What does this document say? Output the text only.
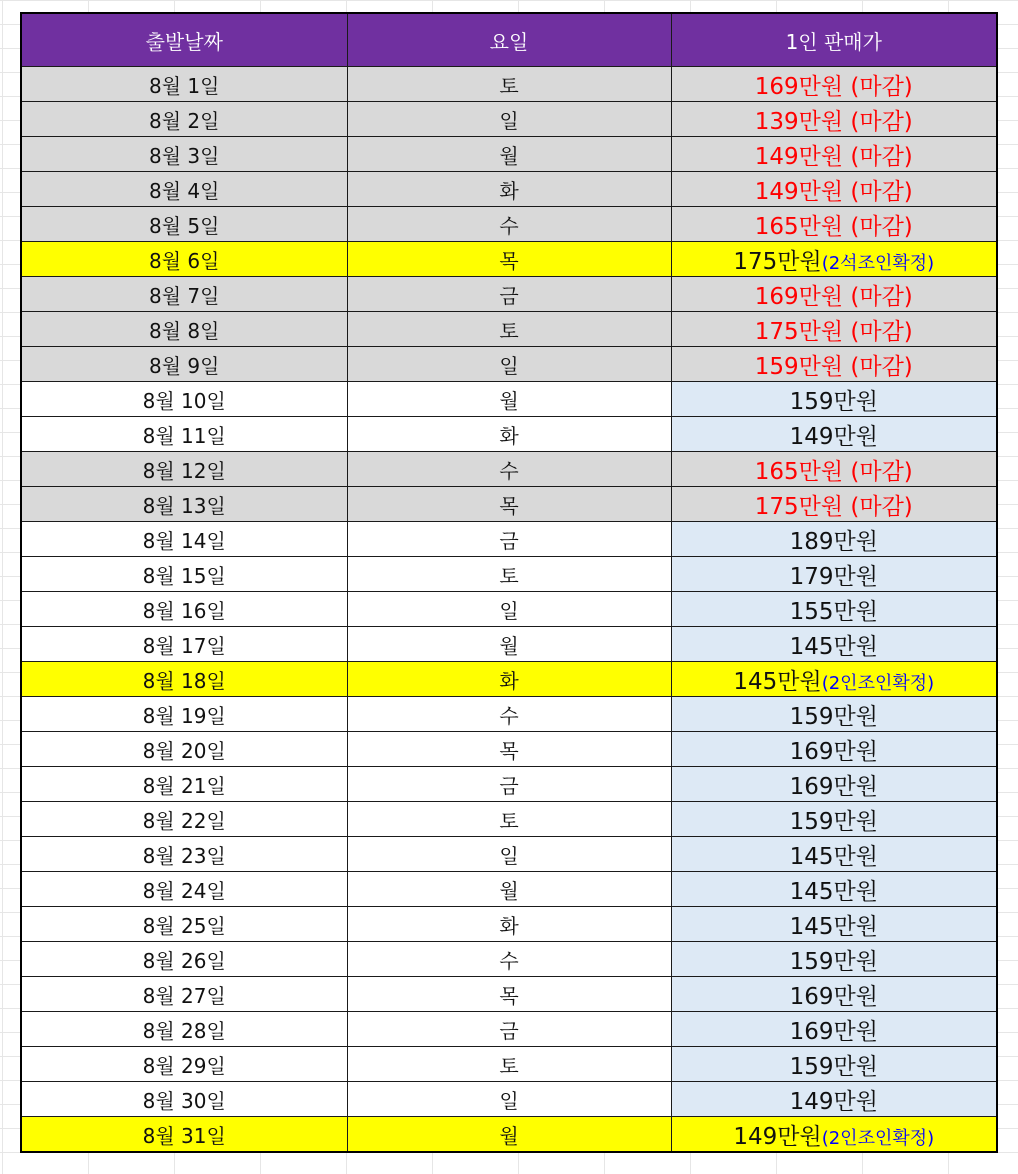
출발날짜	요일	1인 판매가
8월 1일	토	169만원 (마감)
8월 2일	일	139만원 (마감)
8월 3일	월	149만원 (마감)
8월 4일	화	149만원 (마감)
8월 5일	수	165만원 (마감)
8월 6일	목	175만원(2석조인확정)
8월 7일	금	169만원 (마감)
8월 8일	토	175만원 (마감)
8월 9일	일	159만원 (마감)
8월 10일	월	159만원
8월 11일	화	149만원
8월 12일	수	165만원 (마감)
8월 13일	목	175만원 (마감)
8월 14일	금	189만원
8월 15일	토	179만원
8월 16일	일	155만원
8월 17일	월	145만원
8월 18일	화	145만원(2인조인확정)
8월 19일	수	159만원
8월 20일	목	169만원
8월 21일	금	169만원
8월 22일	토	159만원
8월 23일	일	145만원
8월 24일	월	145만원
8월 25일	화	145만원
8월 26일	수	159만원
8월 27일	목	169만원
8월 28일	금	169만원
8월 29일	토	159만원
8월 30일	일	149만원
8월 31일	월	149만원(2인조인확정)
